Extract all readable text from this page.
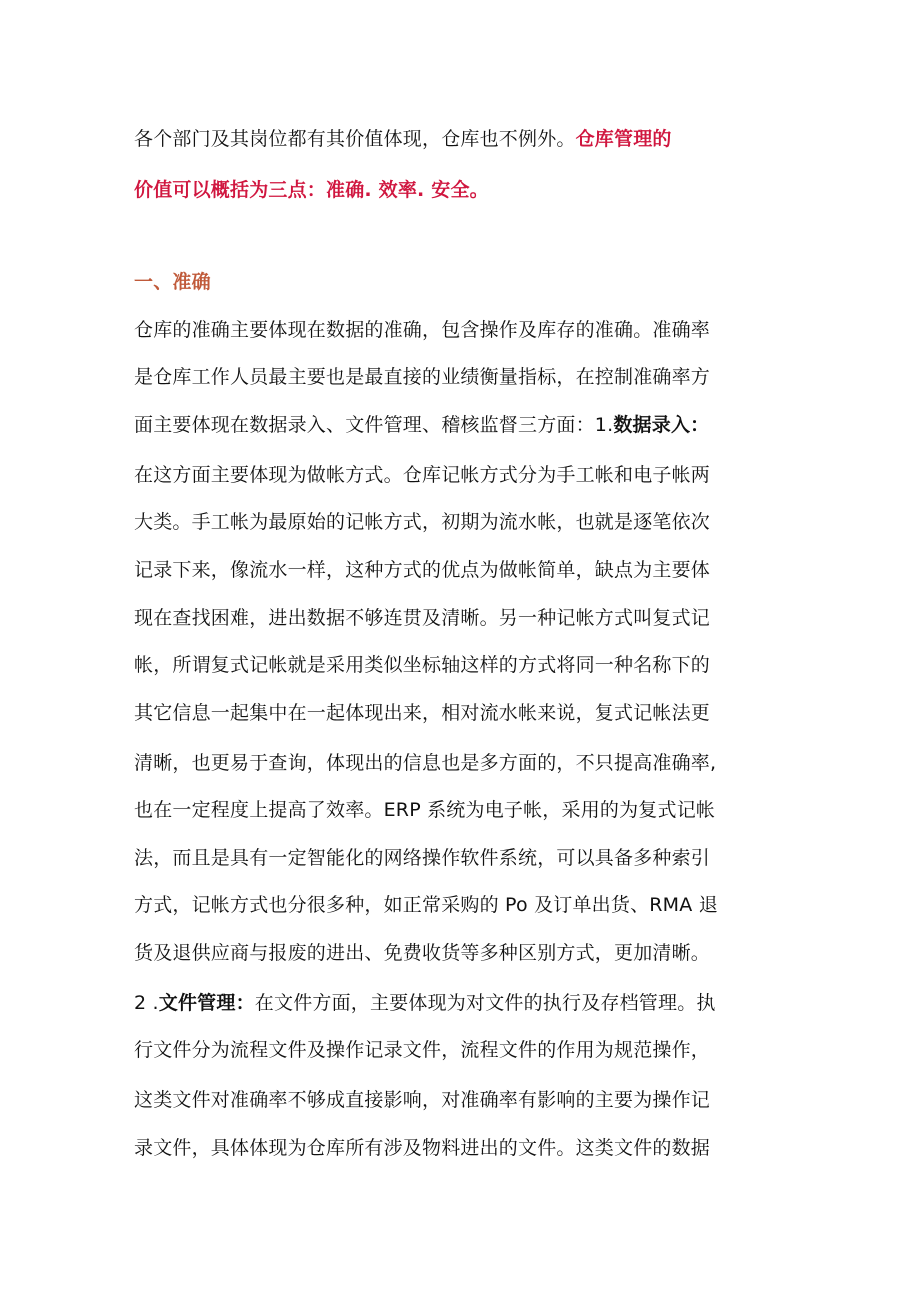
各个部门及其岗位都有其价值体现，仓库也不例外。仓库管理的
价值可以概括为三点：准确. 效率. 安全。
一、准确
仓库的准确主要体现在数据的准确，包含操作及库存的准确。准确率
是仓库工作人员最主要也是最直接的业绩衡量指标，在控制准确率方
面主要体现在数据录入、文件管理、稽核监督三方面：1.数据录入：
在这方面主要体现为做帐方式。仓库记帐方式分为手工帐和电子帐两
大类。手工帐为最原始的记帐方式，初期为流水帐，也就是逐笔依次
记录下来，像流水一样，这种方式的优点为做帐简单，缺点为主要体
现在查找困难，进出数据不够连贯及清晰。另一种记帐方式叫复式记
帐，所谓复式记帐就是采用类似坐标轴这样的方式将同一种名称下的
其它信息一起集中在一起体现出来，相对流水帐来说，复式记帐法更
清晰，也更易于查询，体现出的信息也是多方面的，不只提高准确率,
也在一定程度上提高了效率。ERP 系统为电子帐，采用的为复式记帐
法，而且是具有一定智能化的网络操作软件系统，可以具备多种索引
方式，记帐方式也分很多种，如正常采购的 Po 及订单出货、RMA 退
货及退供应商与报废的进出、免费收货等多种区别方式，更加清晰。
2 .文件管理：在文件方面，主要体现为对文件的执行及存档管理。执
行文件分为流程文件及操作记录文件，流程文件的作用为规范操作，
这类文件对准确率不够成直接影响，对准确率有影响的主要为操作记
录文件，具体体现为仓库所有涉及物料进出的文件。这类文件的数据
